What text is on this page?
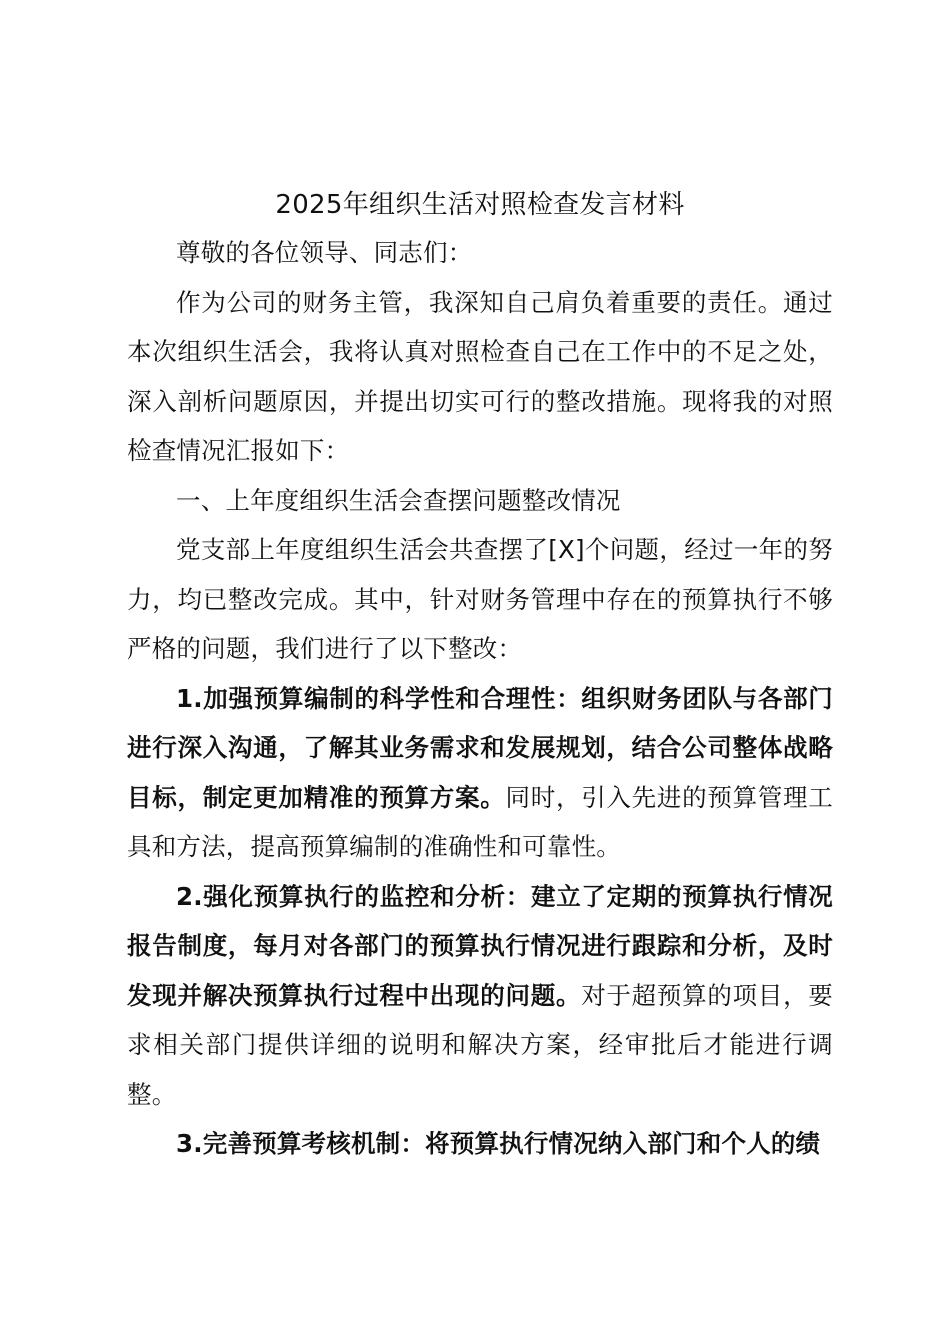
2025年组织生活对照检查发言材料

尊敬的各位领导、同志们：

作为公司的财务主管，我深知自己肩负着重要的责任。通过本次组织生活会，我将认真对照检查自己在工作中的不足之处，深入剖析问题原因，并提出切实可行的整改措施。现将我的对照检查情况汇报如下：

一、上年度组织生活会查摆问题整改情况

党支部上年度组织生活会共查摆了[X]个问题，经过一年的努力，均已整改完成。其中，针对财务管理中存在的预算执行不够严格的问题，我们进行了以下整改：

1.加强预算编制的科学性和合理性：组织财务团队与各部门进行深入沟通，了解其业务需求和发展规划，结合公司整体战略目标，制定更加精准的预算方案。同时，引入先进的预算管理工具和方法，提高预算编制的准确性和可靠性。

2.强化预算执行的监控和分析：建立了定期的预算执行情况报告制度，每月对各部门的预算执行情况进行跟踪和分析，及时发现并解决预算执行过程中出现的问题。对于超预算的项目，要求相关部门提供详细的说明和解决方案，经审批后才能进行调整。

3.完善预算考核机制：将预算执行情况纳入部门和个人的绩
